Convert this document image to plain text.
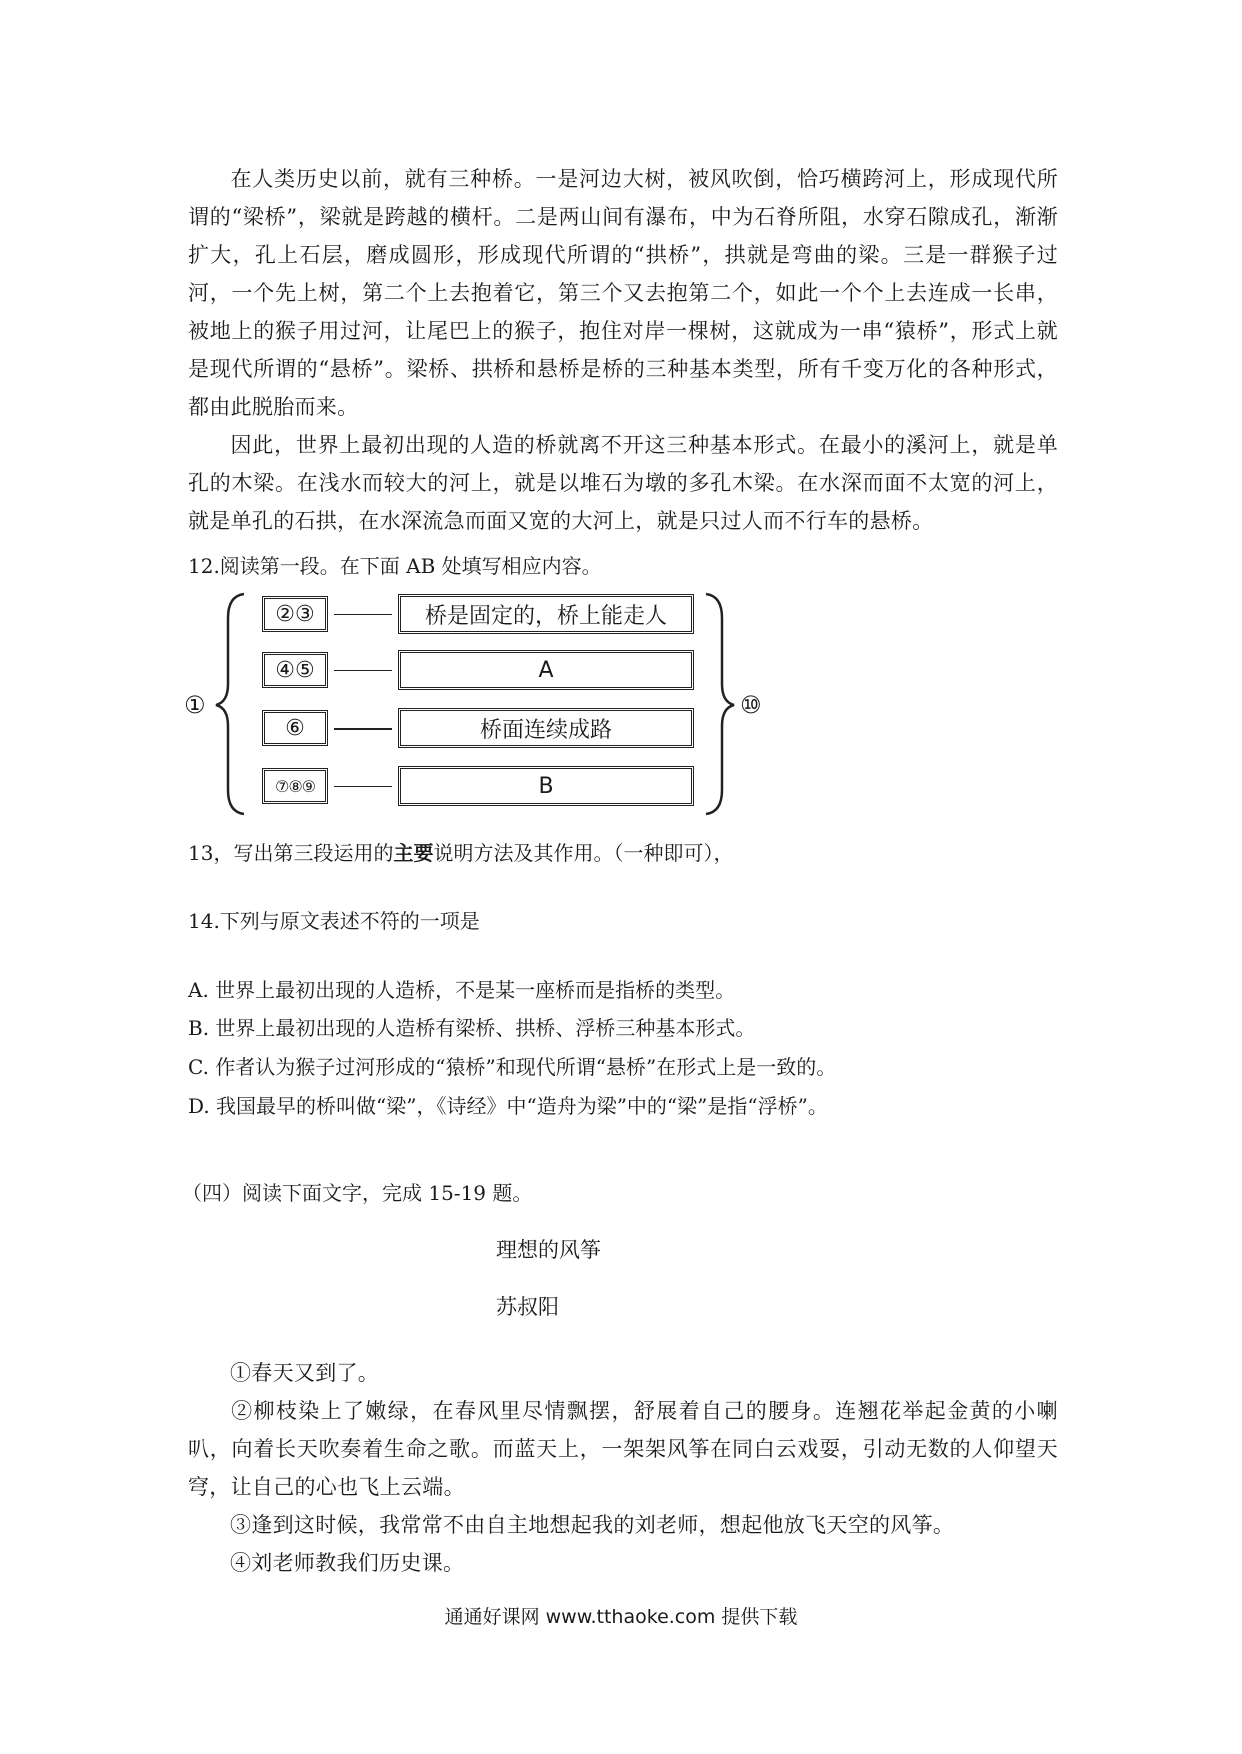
在人类历史以前，就有三种桥。一是河边大树，被风吹倒，恰巧横跨河上，形成现代所谓的“梁桥”，梁就是跨越的横杆。二是两山间有瀑布，中为石脊所阻，水穿石隙成孔，渐渐扩大，孔上石层，磨成圆形，形成现代所谓的“拱桥”，拱就是弯曲的梁。三是一群猴子过河，一个先上树，第二个上去抱着它，第三个又去抱第二个，如此一个个上去连成一长串，被地上的猴子用过河，让尾巴上的猴子，抱住对岸一棵树，这就成为一串“猿桥”，形式上就是现代所谓的“悬桥”。梁桥、拱桥和悬桥是桥的三种基本类型，所有千变万化的各种形式，都由此脱胎而来。
因此，世界上最初出现的人造的桥就离不开这三种基本形式。在最小的溪河上，就是单孔的木梁。在浅水而较大的河上，就是以堆石为墩的多孔木梁。在水深而面不太宽的河上，就是单孔的石拱，在水深流急而面又宽的大河上，就是只过人而不行车的悬桥。
12.阅读第一段。在下面 AB 处填写相应内容。
①	⑩
②③	桥是固定的，桥上能走人
④⑤	A
⑥	桥面连续成路
⑦⑧⑨	B
13，写出第三段运用的主要说明方法及其作用。（一种即可），
14.下列与原文表述不符的一项是
A. 世界上最初出现的人造桥，不是某一座桥而是指桥的类型。
B. 世界上最初出现的人造桥有梁桥、拱桥、浮桥三种基本形式。
C. 作者认为猴子过河形成的“猿桥”和现代所谓“悬桥”在形式上是一致的。
D. 我国最早的桥叫做“梁”，《诗经》中“造舟为梁”中的“梁”是指“浮桥”。
（四）阅读下面文字，完成 15-19 题。
理想的风筝
苏叔阳
①春天又到了。
②柳枝染上了嫩绿，在春风里尽情飘摆，舒展着自己的腰身。连翘花举起金黄的小喇叭，向着长天吹奏着生命之歌。而蓝天上，一架架风筝在同白云戏耍，引动无数的人仰望天穹，让自己的心也飞上云端。
③逢到这时候，我常常不由自主地想起我的刘老师，想起他放飞天空的风筝。
④刘老师教我们历史课。
通通好课网 www.tthaoke.com 提供下载
